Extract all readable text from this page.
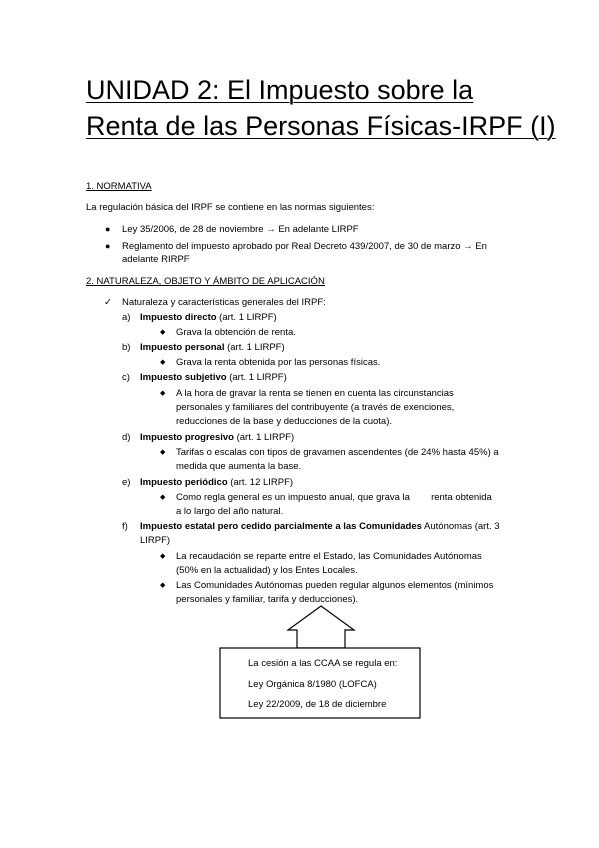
UNIDAD 2: El Impuesto sobre la
Renta de las Personas Físicas-IRPF (I)
1. NORMATIVA
La regulación básica del IRPF se contiene en las normas siguientes:
● Ley 35/2006, de 28 de noviembre → En adelante LIRPF
● Reglamento del impuesto aprobado por Real Decreto 439/2007, de 30 de marzo → En
adelante RIRPF
2. NATURALEZA, OBJETO Y ÁMBITO DE APLICACIÓN
✓ Naturaleza y características generales del IRPF:
a) Impuesto directo (art. 1 LIRPF)
◆ Grava la obtención de renta.
b) Impuesto personal (art. 1 LIRPF)
◆ Grava la renta obtenida por las personas físicas.
c) Impuesto subjetivo (art. 1 LIRPF)
◆ A la hora de gravar la renta se tienen en cuenta las circunstancias
personales y familiares del contribuyente (a través de exenciones,
reducciones de la base y deducciones de la cuota).
d) Impuesto progresivo (art. 1 LIRPF)
◆ Tarifas o escalas con tipos de gravamen ascendentes (de 24% hasta 45%) a
medida que aumenta la base.
e) Impuesto periódico (art. 12 LIRPF)
◆ Como regla general es un impuesto anual, que grava la        renta obtenida
a lo largo del año natural.
f) Impuesto estatal pero cedido parcialmente a las Comunidades Autónomas (art. 3
LIRPF)
◆ La recaudación se reparte entre el Estado, las Comunidades Autónomas
(50% en la actualidad) y los Entes Locales.
◆ Las Comunidades Autónomas pueden regular algunos elementos (mínimos
personales y familiar, tarifa y deducciones).
La cesión a las CCAA se regula en:
Ley Orgánica 8/1980 (LOFCA)
Ley 22/2009, de 18 de diciembre
